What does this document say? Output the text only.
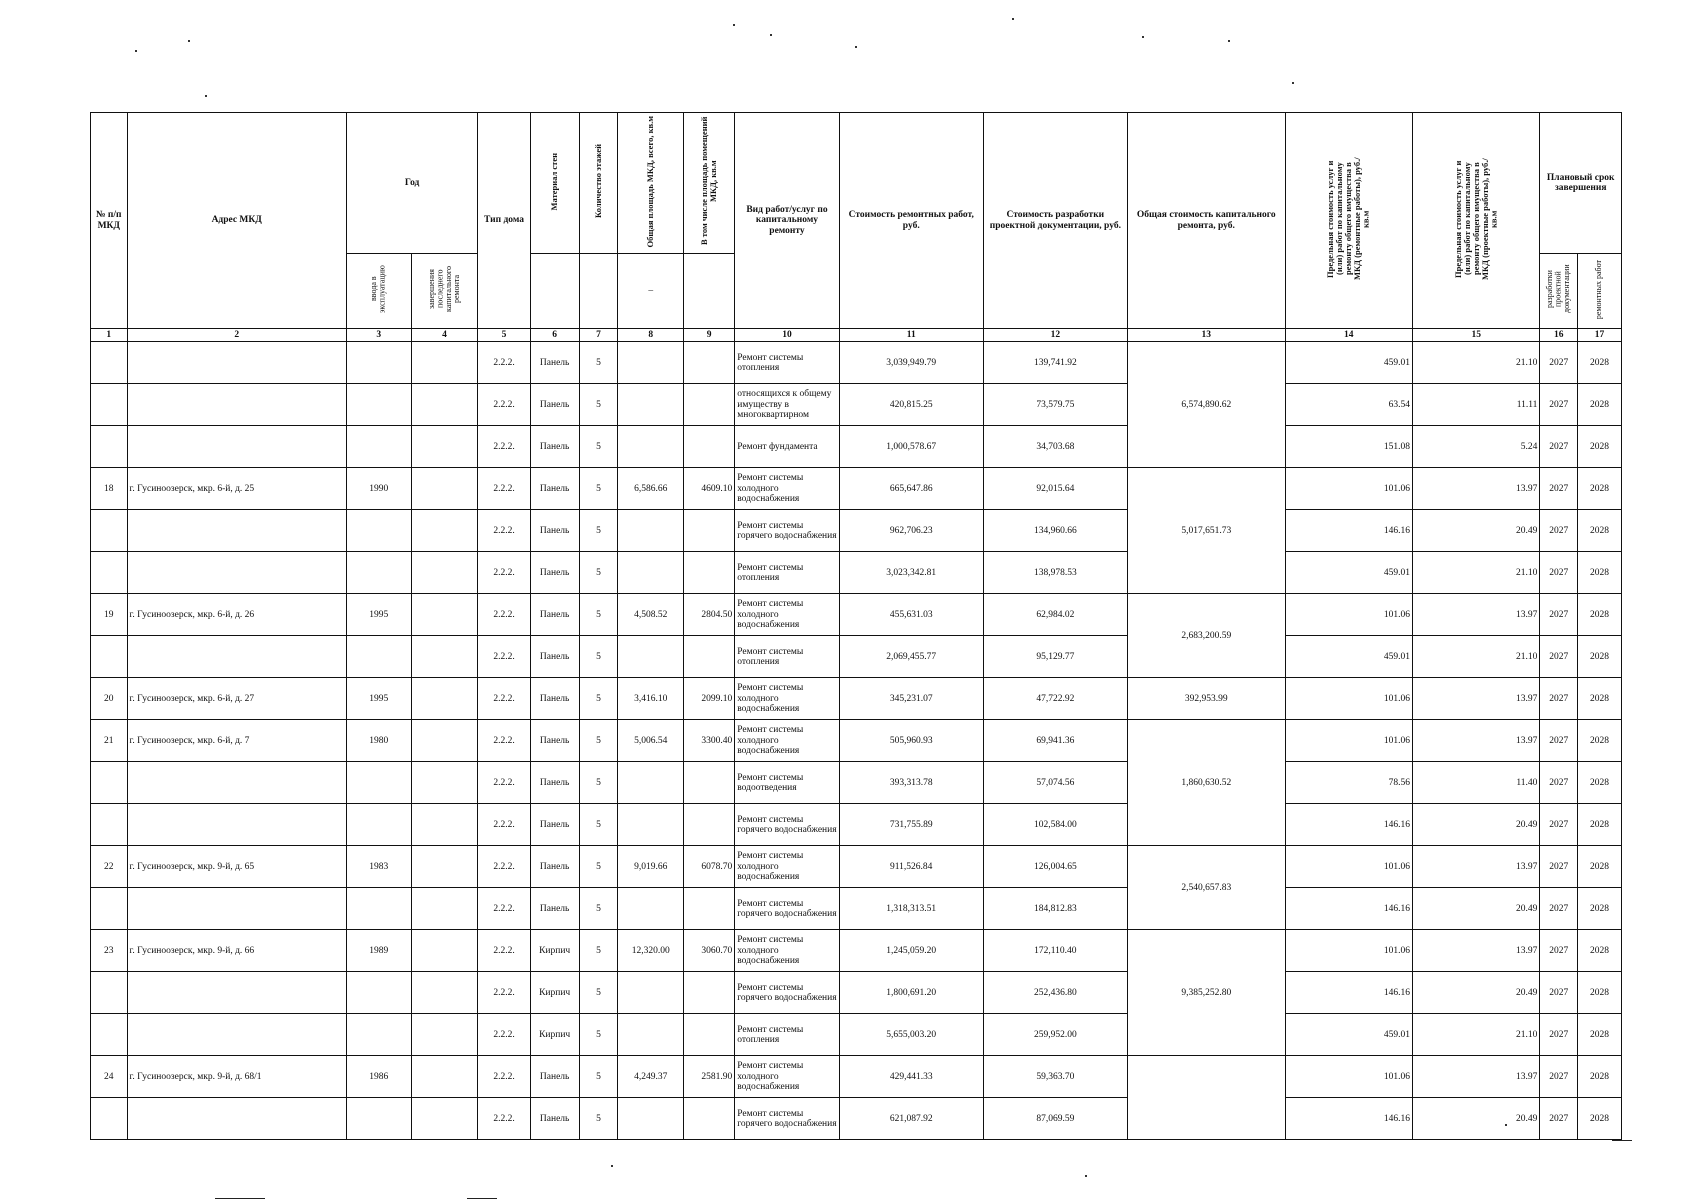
№ п/п МКД	Адрес МКД	Год		Тип дома	Материал стен	Количество этажей	Общая площадь МКД, всего, кв.м	В том числе площадь помещений МКД, кв.м	Вид работ/услуг по капитальному ремонту	Стоимость ремонтных работ, руб.	Стоимость разработки проектной документации, руб.	Общая стоимость капитального ремонта, руб.	Предельная стоимость услуг и (или) работ по капитальному ремонту общего имущества в МКД (ремонтные работы), руб./кв.м	Предельная стоимость услуг и (или) работ по капитальному ремонту общего имущества в МКД (проектные работы), руб./кв.м	Плановый срок завершения	
		ввода в эксплуатацию	завершения последнего капитального ремонта				–								разработки проектной документации	ремонтных работ
1	2	3	4	5	6	7	8	9	10	11	12	13	14	15	16	17
				2.2.2.	Панель	5			Ремонт системы отопления	3,039,949.79	139,741.92	6,574,890.62	459.01	21.10	2027	2028
				2.2.2.	Панель	5			относящихся к общему имуществу в многоквартирном	420,815.25	73,579.75		63.54	11.11	2027	2028
				2.2.2.	Панель	5			Ремонт фундамента	1,000,578.67	34,703.68		151.08	5.24	2027	2028
18	г. Гусиноозерск, мкр. 6-й, д. 25	1990		2.2.2.	Панель	5	6,586.66	4609.10	Ремонт системы холодного водоснабжения	665,647.86	92,015.64	5,017,651.73	101.06	13.97	2027	2028
				2.2.2.	Панель	5			Ремонт системы горячего водоснабжения	962,706.23	134,960.66		146.16	20.49	2027	2028
				2.2.2.	Панель	5			Ремонт системы отопления	3,023,342.81	138,978.53		459.01	21.10	2027	2028
19	г. Гусиноозерск, мкр. 6-й, д. 26	1995		2.2.2.	Панель	5	4,508.52	2804.50	Ремонт системы холодного водоснабжения	455,631.03	62,984.02	2,683,200.59	101.06	13.97	2027	2028
				2.2.2.	Панель	5			Ремонт системы отопления	2,069,455.77	95,129.77		459.01	21.10	2027	2028
20	г. Гусиноозерск, мкр. 6-й, д. 27	1995		2.2.2.	Панель	5	3,416.10	2099.10	Ремонт системы холодного водоснабжения	345,231.07	47,722.92	392,953.99	101.06	13.97	2027	2028
21	г. Гусиноозерск, мкр. 6-й, д. 7	1980		2.2.2.	Панель	5	5,006.54	3300.40	Ремонт системы холодного водоснабжения	505,960.93	69,941.36	1,860,630.52	101.06	13.97	2027	2028
				2.2.2.	Панель	5			Ремонт системы водоотведения	393,313.78	57,074.56		78.56	11.40	2027	2028
				2.2.2.	Панель	5			Ремонт системы горячего водоснабжения	731,755.89	102,584.00		146.16	20.49	2027	2028
22	г. Гусиноозерск, мкр. 9-й, д. 65	1983		2.2.2.	Панель	5	9,019.66	6078.70	Ремонт системы холодного водоснабжения	911,526.84	126,004.65	2,540,657.83	101.06	13.97	2027	2028
				2.2.2.	Панель	5			Ремонт системы горячего водоснабжения	1,318,313.51	184,812.83		146.16	20.49	2027	2028
23	г. Гусиноозерск, мкр. 9-й, д. 66	1989		2.2.2.	Кирпич	5	12,320.00	3060.70	Ремонт системы холодного водоснабжения	1,245,059.20	172,110.40	9,385,252.80	101.06	13.97	2027	2028
				2.2.2.	Кирпич	5			Ремонт системы горячего водоснабжения	1,800,691.20	252,436.80		146.16	20.49	2027	2028
				2.2.2.	Кирпич	5			Ремонт системы отопления	5,655,003.20	259,952.00		459.01	21.10	2027	2028
24	г. Гусиноозерск, мкр. 9-й, д. 68/1	1986		2.2.2.	Панель	5	4,249.37	2581.90	Ремонт системы холодного водоснабжения	429,441.33	59,363.70		101.06	13.97	2027	2028
				2.2.2.	Панель	5			Ремонт системы горячего водоснабжения	621,087.92	87,069.59		146.16	20.49	2027	2028
